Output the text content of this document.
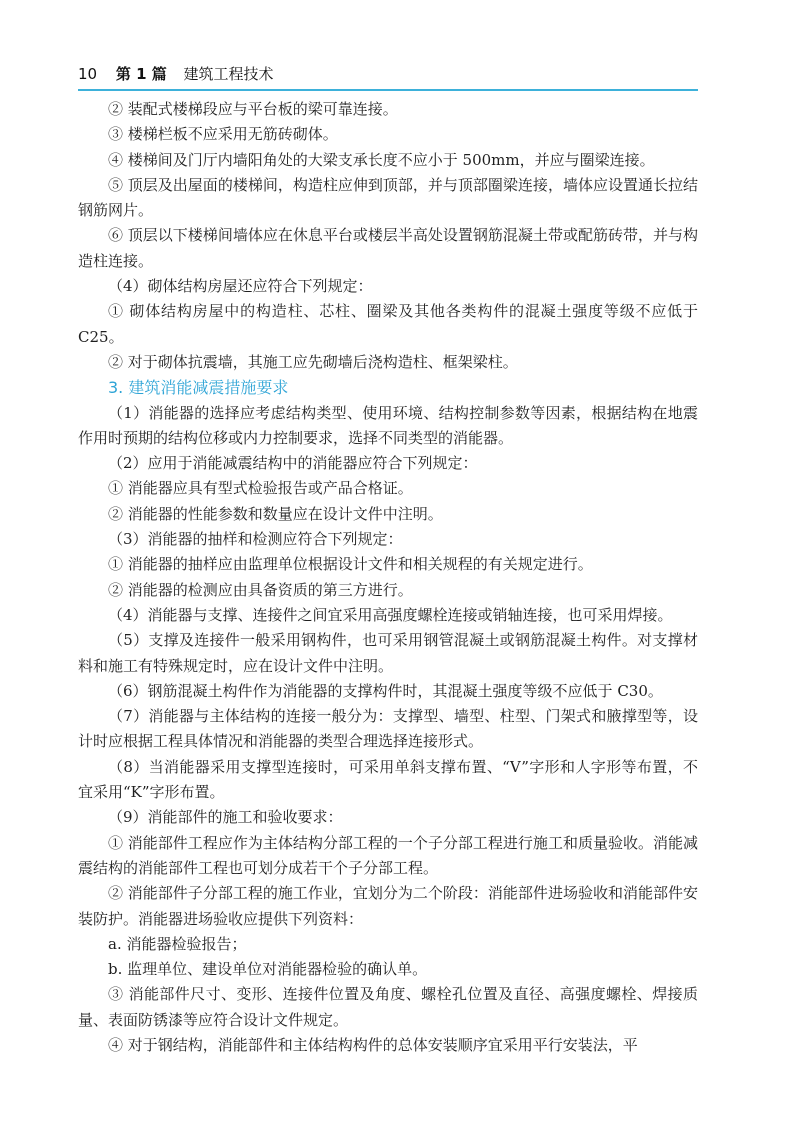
10 第 1 篇 建筑工程技术

② 装配式楼梯段应与平台板的梁可靠连接。

③ 楼梯栏板不应采用无筋砖砌体。

④ 楼梯间及门厅内墙阳角处的大梁支承长度不应小于 500mm，并应与圈梁连接。

⑤ 顶层及出屋面的楼梯间，构造柱应伸到顶部，并与顶部圈梁连接，墙体应设置通长拉结钢筋网片。

⑥ 顶层以下楼梯间墙体应在休息平台或楼层半高处设置钢筋混凝土带或配筋砖带，并与构造柱连接。

（4）砌体结构房屋还应符合下列规定：

① 砌体结构房屋中的构造柱、芯柱、圈梁及其他各类构件的混凝土强度等级不应低于 C25。

② 对于砌体抗震墙，其施工应先砌墙后浇构造柱、框架梁柱。

3. 建筑消能减震措施要求

（1）消能器的选择应考虑结构类型、使用环境、结构控制参数等因素，根据结构在地震作用时预期的结构位移或内力控制要求，选择不同类型的消能器。

（2）应用于消能减震结构中的消能器应符合下列规定：

① 消能器应具有型式检验报告或产品合格证。

② 消能器的性能参数和数量应在设计文件中注明。

（3）消能器的抽样和检测应符合下列规定：

① 消能器的抽样应由监理单位根据设计文件和相关规程的有关规定进行。

② 消能器的检测应由具备资质的第三方进行。

（4）消能器与支撑、连接件之间宜采用高强度螺栓连接或销轴连接，也可采用焊接。

（5）支撑及连接件一般采用钢构件，也可采用钢管混凝土或钢筋混凝土构件。对支撑材料和施工有特殊规定时，应在设计文件中注明。

（6）钢筋混凝土构件作为消能器的支撑构件时，其混凝土强度等级不应低于 C30。

（7）消能器与主体结构的连接一般分为：支撑型、墙型、柱型、门架式和腋撑型等，设计时应根据工程具体情况和消能器的类型合理选择连接形式。

（8）当消能器采用支撑型连接时，可采用单斜支撑布置、“V”字形和人字形等布置，不宜采用“K”字形布置。

（9）消能部件的施工和验收要求：

① 消能部件工程应作为主体结构分部工程的一个子分部工程进行施工和质量验收。消能减震结构的消能部件工程也可划分成若干个子分部工程。

② 消能部件子分部工程的施工作业，宜划分为二个阶段：消能部件进场验收和消能部件安装防护。消能器进场验收应提供下列资料：

a. 消能器检验报告；

b. 监理单位、建设单位对消能器检验的确认单。

③ 消能部件尺寸、变形、连接件位置及角度、螺栓孔位置及直径、高强度螺栓、焊接质量、表面防锈漆等应符合设计文件规定。

④ 对于钢结构，消能部件和主体结构构件的总体安装顺序宜采用平行安装法，平
